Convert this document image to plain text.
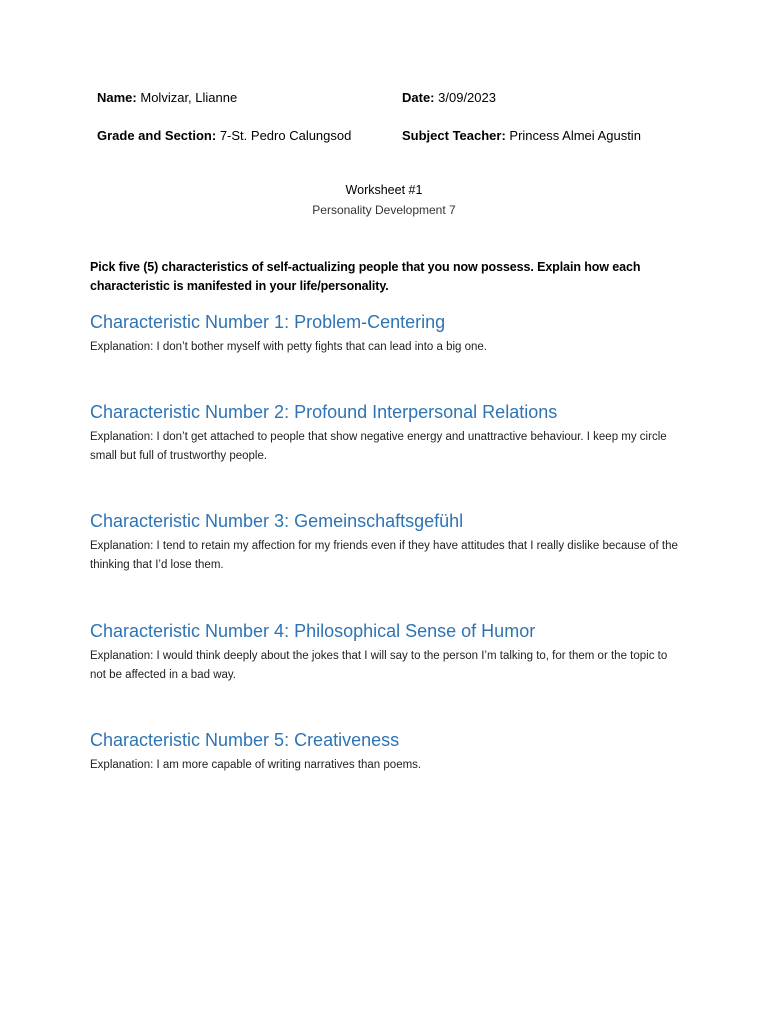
Name: Molvizar, Llianne	Date: 3/09/2023
Grade and Section: 7-St. Pedro Calungsod	Subject Teacher: Princess Almei Agustin
Worksheet #1
Personality Development 7
Pick five (5) characteristics of self-actualizing people that you now possess. Explain how each characteristic is manifested in your life/personality.
Characteristic Number 1: Problem-Centering

Explanation: I don’t bother myself with petty fights that can lead into a big one.

Characteristic Number 2: Profound Interpersonal Relations

Explanation: I don’t get attached to people that show negative energy and unattractive behaviour. I keep my circle small but full of trustworthy people.

Characteristic Number 3: Gemeinschaftsgefühl

Explanation: I tend to retain my affection for my friends even if they have attitudes that I really dislike because of the thinking that I’d lose them.

Characteristic Number 4: Philosophical Sense of Humor

Explanation: I would think deeply about the jokes that I will say to the person I’m talking to, for them or the topic to not be affected in a bad way.

Characteristic Number 5: Creativeness

Explanation: I am more capable of writing narratives than poems.
